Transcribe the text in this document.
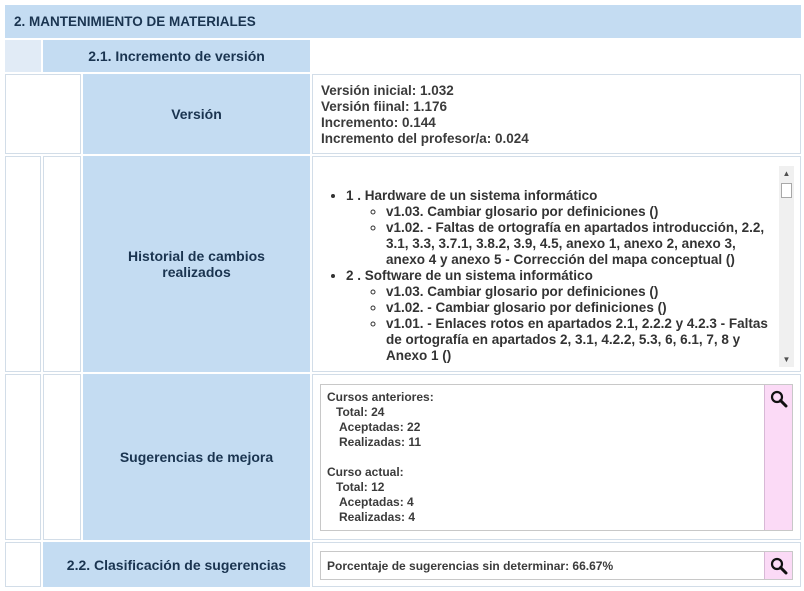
2. MANTENIMIENTO DE MATERIALES
2.1. Incremento de versión
Versión
Versión inicial: 1.032
Versión fiinal: 1.176
Incremento: 0.144
Incremento del profesor/a: 0.024
Historial de cambios realizados
• 1 . Hardware de un sistema informático
◦ v1.03. Cambiar glosario por definiciones ()
◦ v1.02. - Faltas de ortografía en apartados introducción, 2.2, 3.1, 3.3, 3.7.1, 3.8.2, 3.9, 4.5, anexo 1, anexo 2, anexo 3, anexo 4 y anexo 5 - Corrección del mapa conceptual ()
• 2 . Software de un sistema informático
◦ v1.03. Cambiar glosario por definiciones ()
◦ v1.02. - Cambiar glosario por definiciones ()
◦ v1.01. - Enlaces rotos en apartados 2.1, 2.2.2 y 4.2.3 - Faltas de ortografía en apartados 2, 3.1, 4.2.2, 5.3, 6, 6.1, 7, 8 y Anexo 1 ()
▲
▼
Sugerencias de mejora
Cursos anteriores:
Total: 24
Aceptadas: 22
Realizadas: 11
Curso actual:
Total: 12
Aceptadas: 4
Realizadas: 4
2.2. Clasificación de sugerencias	Porcentaje de sugerencias sin determinar: 66.67%
